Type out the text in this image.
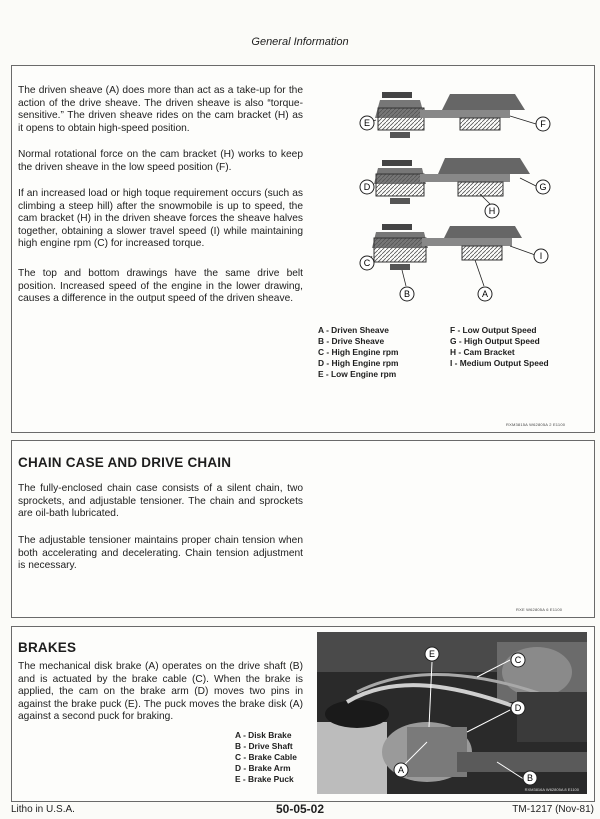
General Information

The driven sheave (A) does more than act as a take-up for the action of the drive sheave. The driven sheave is also “torque-sensitive.” The driven sheave rides on the cam bracket (H) as it opens to obtain high-speed position.

Normal rotational force on the cam bracket (H) works to keep the driven sheave in the low speed position (F).

If an increased load or high toque requirement occurs (such as climbing a steep hill) after the snowmobile is up to speed, the cam bracket (H) in the driven sheave forces the sheave halves together, obtaining a slower travel speed (I) while maintaining high engine rpm (C) for increased torque.

The top and bottom drawings have the same drive belt position. Increased speed of the engine in the lower drawing, causes a difference in the output speed of the driven sheave.

E	F
D	G
H
C
I
B	A
A - Driven Sheave
B - Drive Sheave
C - High Engine rpm
D - High Engine rpm
E - Low Engine rpm
F - Low Output Speed
G - High Output Speed
H - Cam Bracket
I - Medium Output Speed
RXM3815A W62805A 2 E1100
CHAIN CASE AND DRIVE CHAIN

The fully-enclosed chain case consists of a silent chain, two sprockets, and adjustable tensioner. The chain and sprockets are oil-bath lubricated.

The adjustable tensioner maintains proper chain tension when both accelerating and decelerating. Chain tension adjustment is necessary.

RXE W62805A 6 E1100
BRAKES

The mechanical disk brake (A) operates on the drive shaft (B) and is actuated by the brake cable (C). When the brake is applied, the cam on the brake arm (D) moves two pins in against the brake puck (E). The puck moves the brake disk (A) against a second puck for braking.

A - Disk Brake
B - Drive Shaft
C - Brake Cable
D - Brake Arm
E - Brake Puck
E
C
D
A
B
RXM3816A W62805A 8 E1100
Litho in U.S.A.	50-05-02	TM-1217 (Nov-81)
